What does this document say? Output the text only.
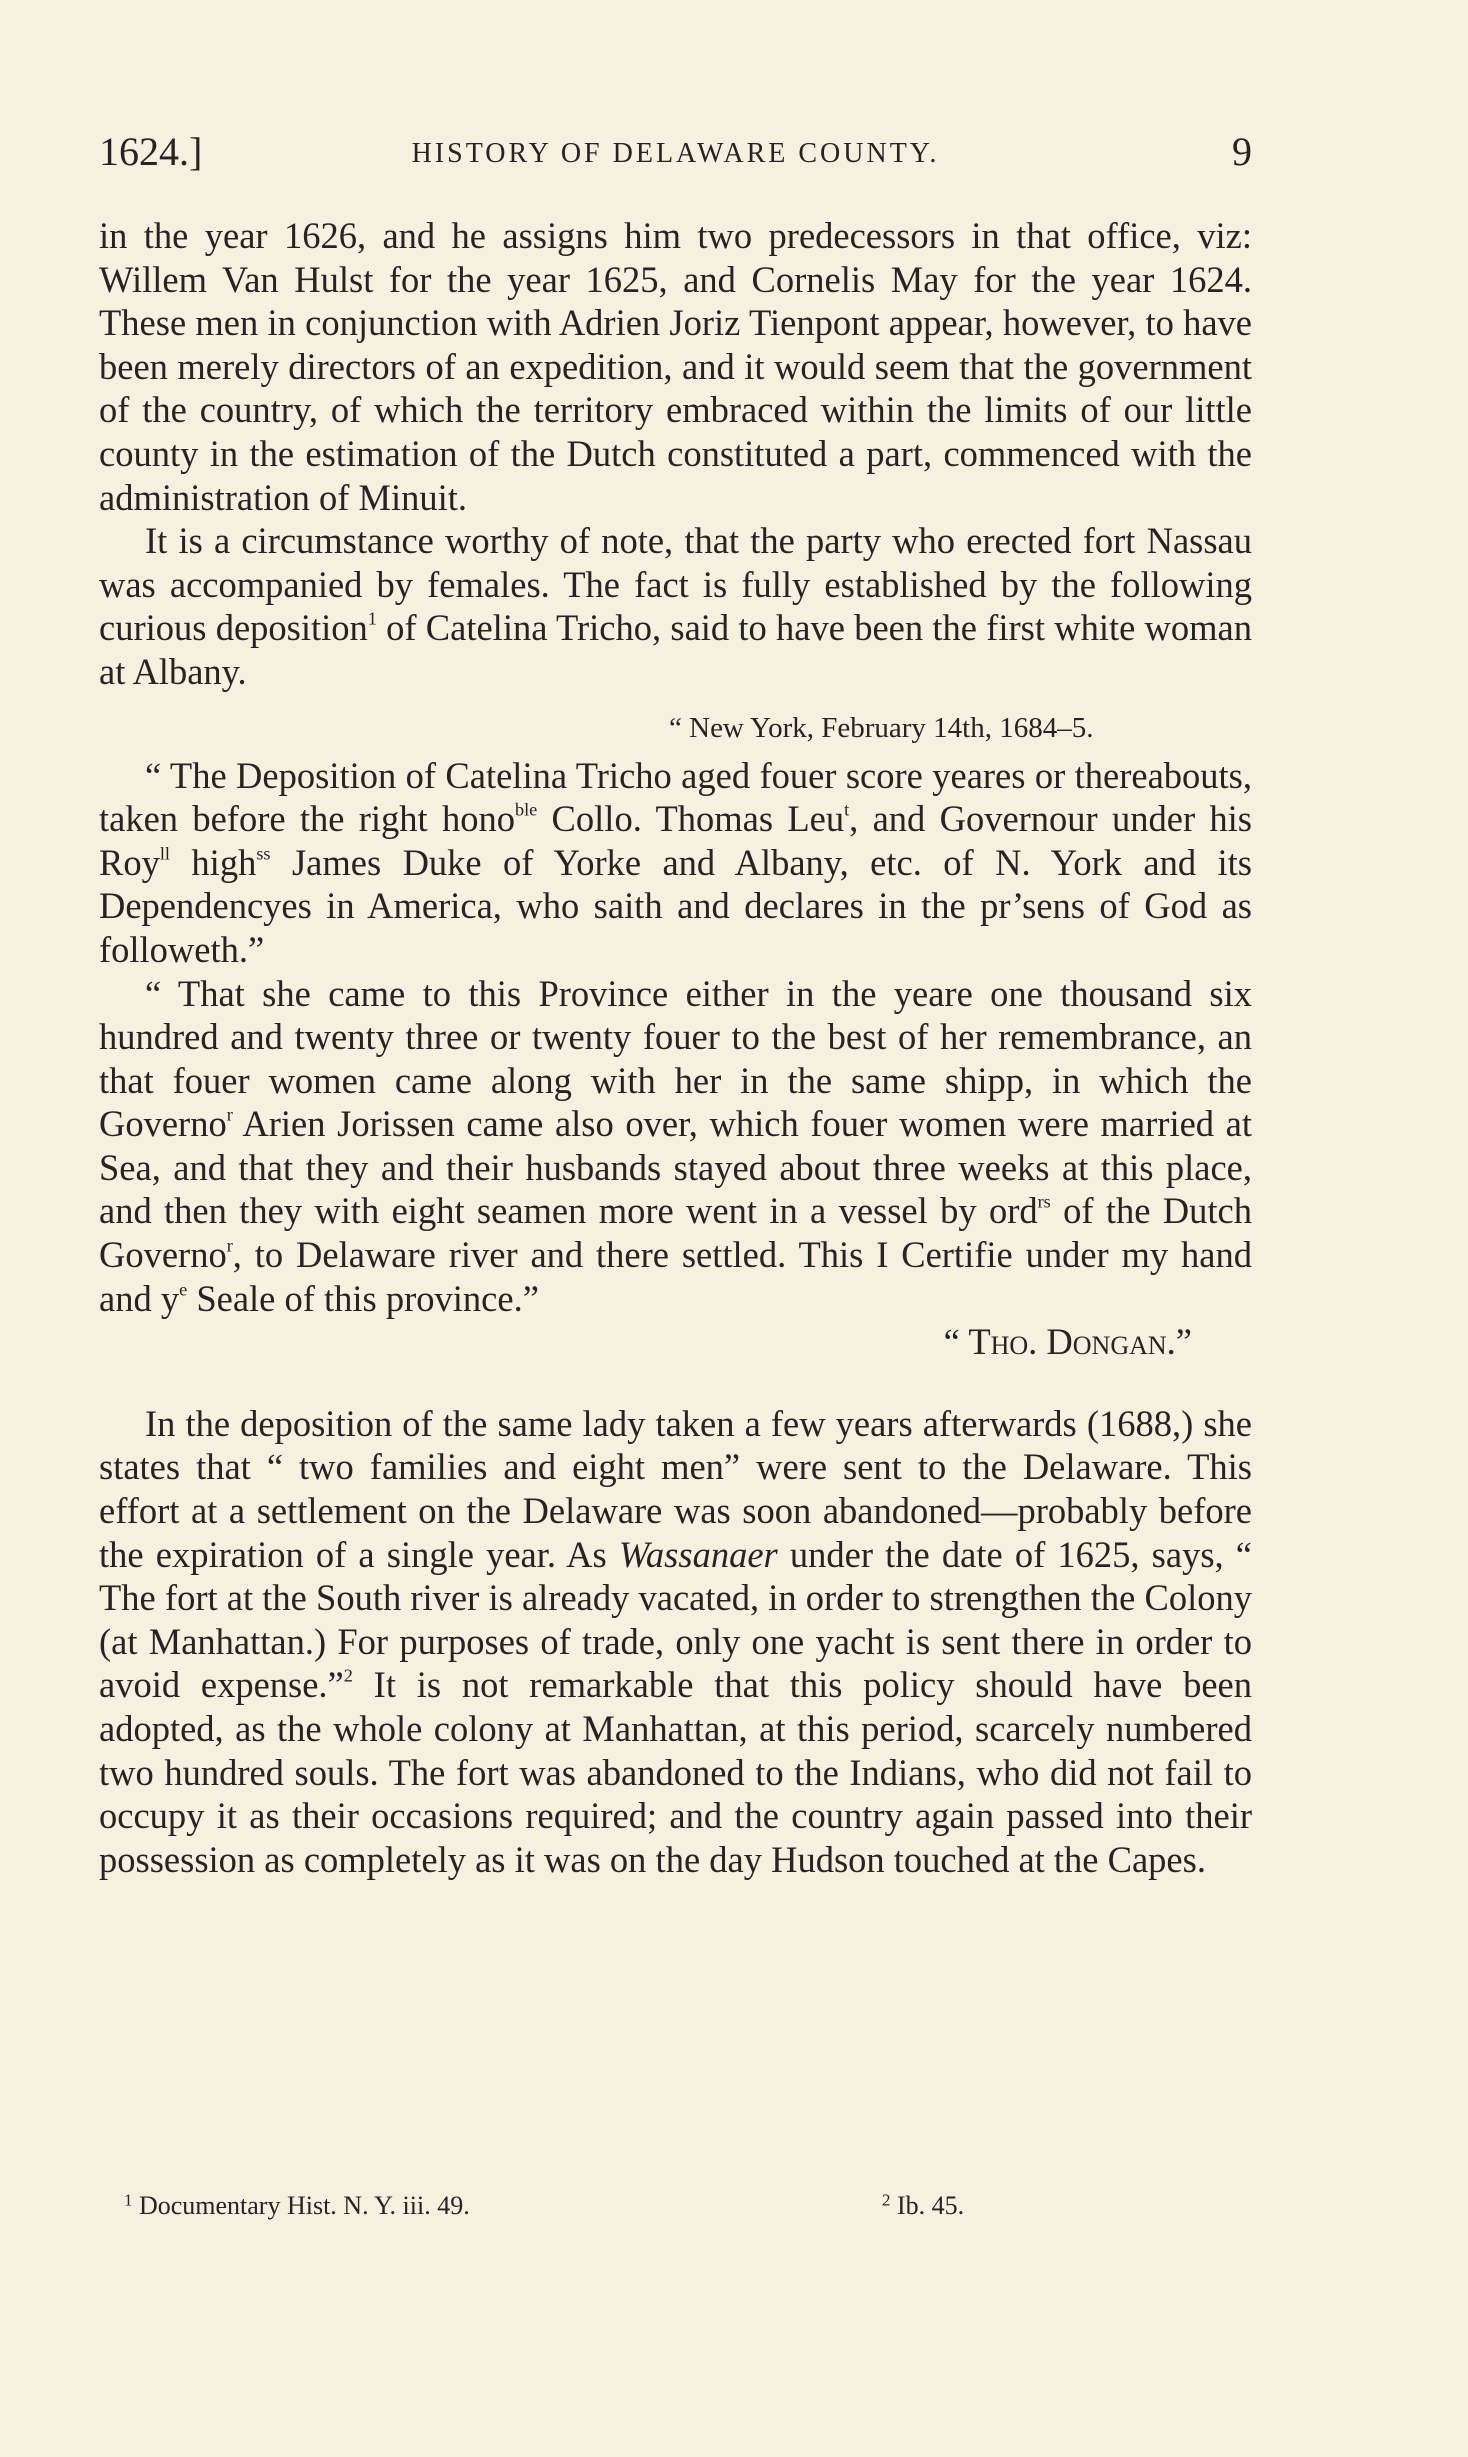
1624.]	HISTORY OF DELAWARE COUNTY.	9

in the year 1626, and he assigns him two predecessors in that office, viz: Willem Van Hulst for the year 1625, and Cornelis May for the year 1624. These men in conjunction with Adrien Joriz Tienpont appear, however, to have been merely directors of an expedition, and it would seem that the government of the country, of which the territory embraced within the limits of our little county in the estimation of the Dutch constituted a part, commenced with the administration of Minuit.

It is a circumstance worthy of note, that the party who erected fort Nassau was accompanied by females. The fact is fully established by the following curious deposition$^1$ of Catelina Tricho, said to have been the first white woman at Albany.

“ New York, February 14th, 1684–5.

“ The Deposition of Catelina Tricho aged fouer score yeares or thereabouts, taken before the right hono$^{ble}$ Collo. Thomas Leu$^t$, and Governour under his Roy$^{ll}$ high$^{ss}$ James Duke of Yorke and Albany, etc. of N. York and its Dependencyes in America, who saith and declares in the pr’sens of God as followeth.”

“ That she came to this Province either in the yeare one thousand six hundred and twenty three or twenty fouer to the best of her remembrance, an that fouer women came along with her in the same shipp, in which the Governo$^r$ Arien Jorissen came also over, which fouer women were married at Sea, and that they and their husbands stayed about three weeks at this place, and then they with eight seamen more went in a vessel by ord$^{rs}$ of the Dutch Governo$^r$, to Delaware river and there settled. This I Certifie under my hand and $y^e$ Seale of this province.”

“ Tho. Dongan.”

In the deposition of the same lady taken a few years afterwards (1688,) she states that “ two families and eight men” were sent to the Delaware. This effort at a settlement on the Delaware was soon abandoned—probably before the expiration of a single year. As Wassanaer under the date of 1625, says, “ The fort at the South river is already vacated, in order to strengthen the Colony (at Manhattan.) For purposes of trade, only one yacht is sent there in order to avoid expense.”$^2$ It is not remarkable that this policy should have been adopted, as the whole colony at Manhattan, at this period, scarcely numbered two hundred souls. The fort was abandoned to the Indians, who did not fail to occupy it as their occasions required; and the country again passed into their possession as completely as it was on the day Hudson touched at the Capes.

$^1$ Documentary Hist. N. Y. iii. 49.	$^2$ Ib. 45.
